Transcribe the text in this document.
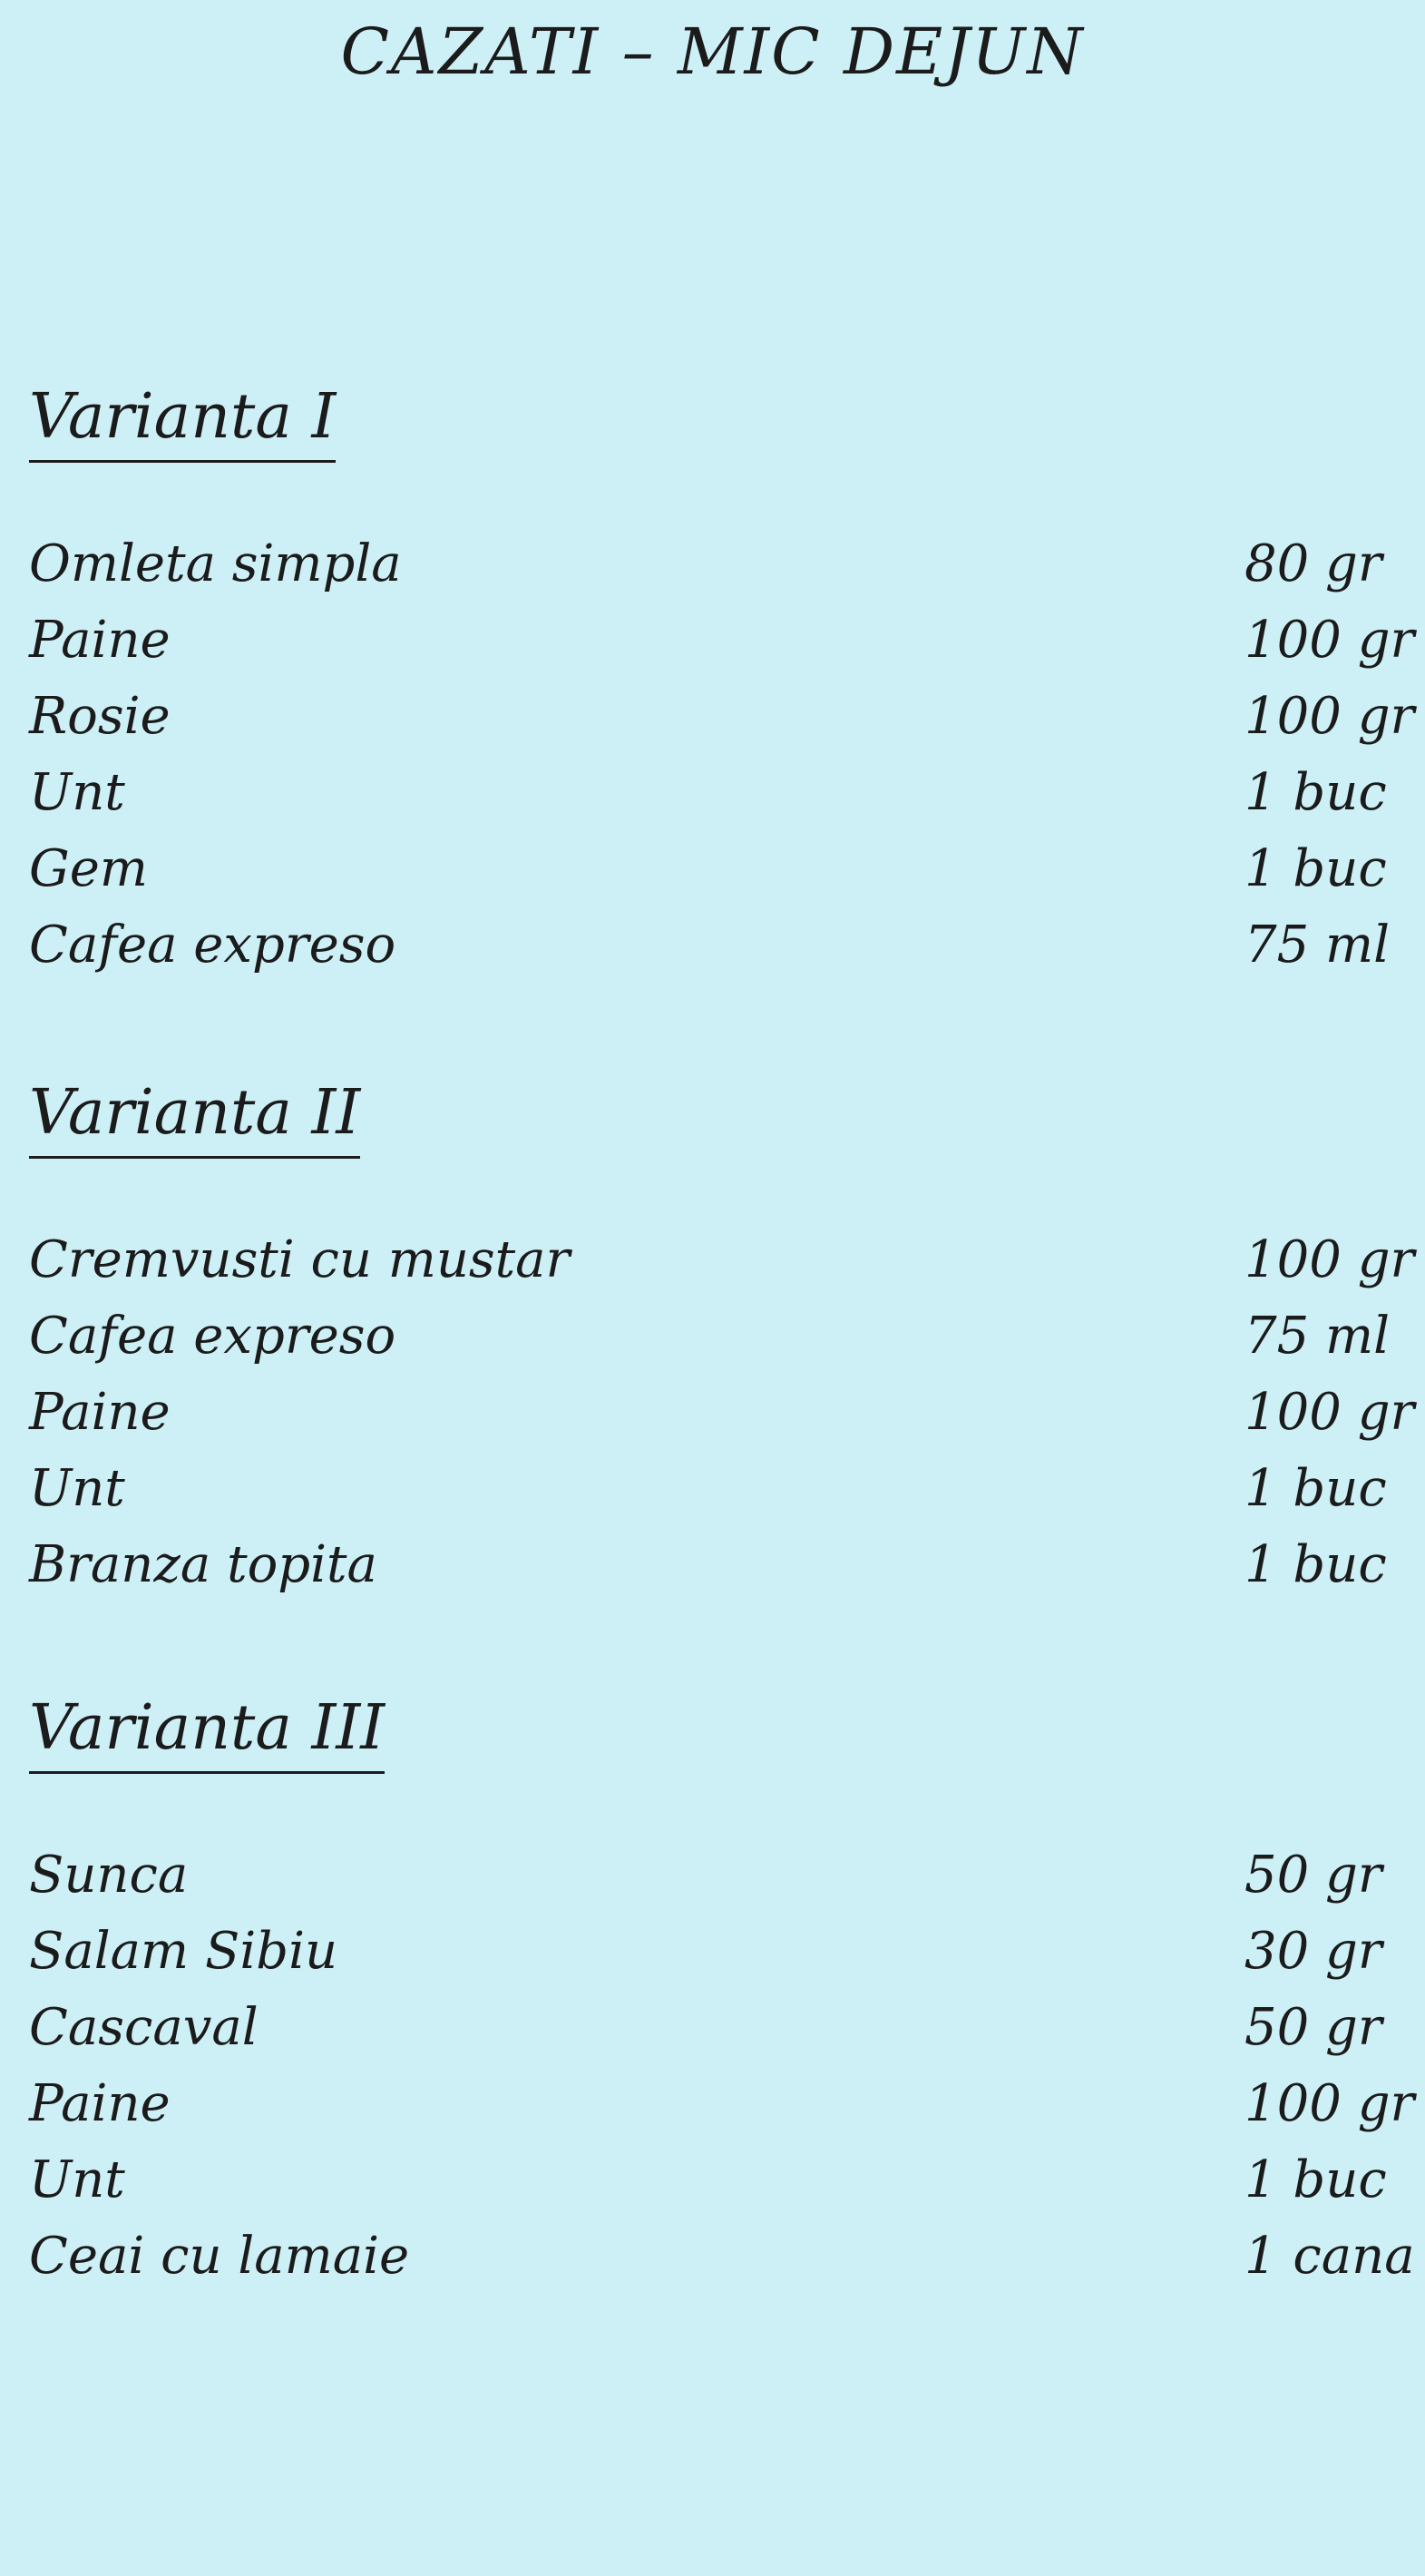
CAZATI – MIC DEJUN
Varianta I
Omleta simpla	80 gr
Paine	100 gr
Rosie	100 gr
Unt	1 buc
Gem	1 buc
Cafea expreso	75 ml
Varianta II
Cremvusti cu mustar	100 gr
Cafea expreso	75 ml
Paine	100 gr
Unt	1 buc
Branza topita	1 buc
Varianta III
Sunca	50 gr
Salam Sibiu	30 gr
Cascaval	50 gr
Paine	100 gr
Unt	1 buc
Ceai cu lamaie	1 cana
